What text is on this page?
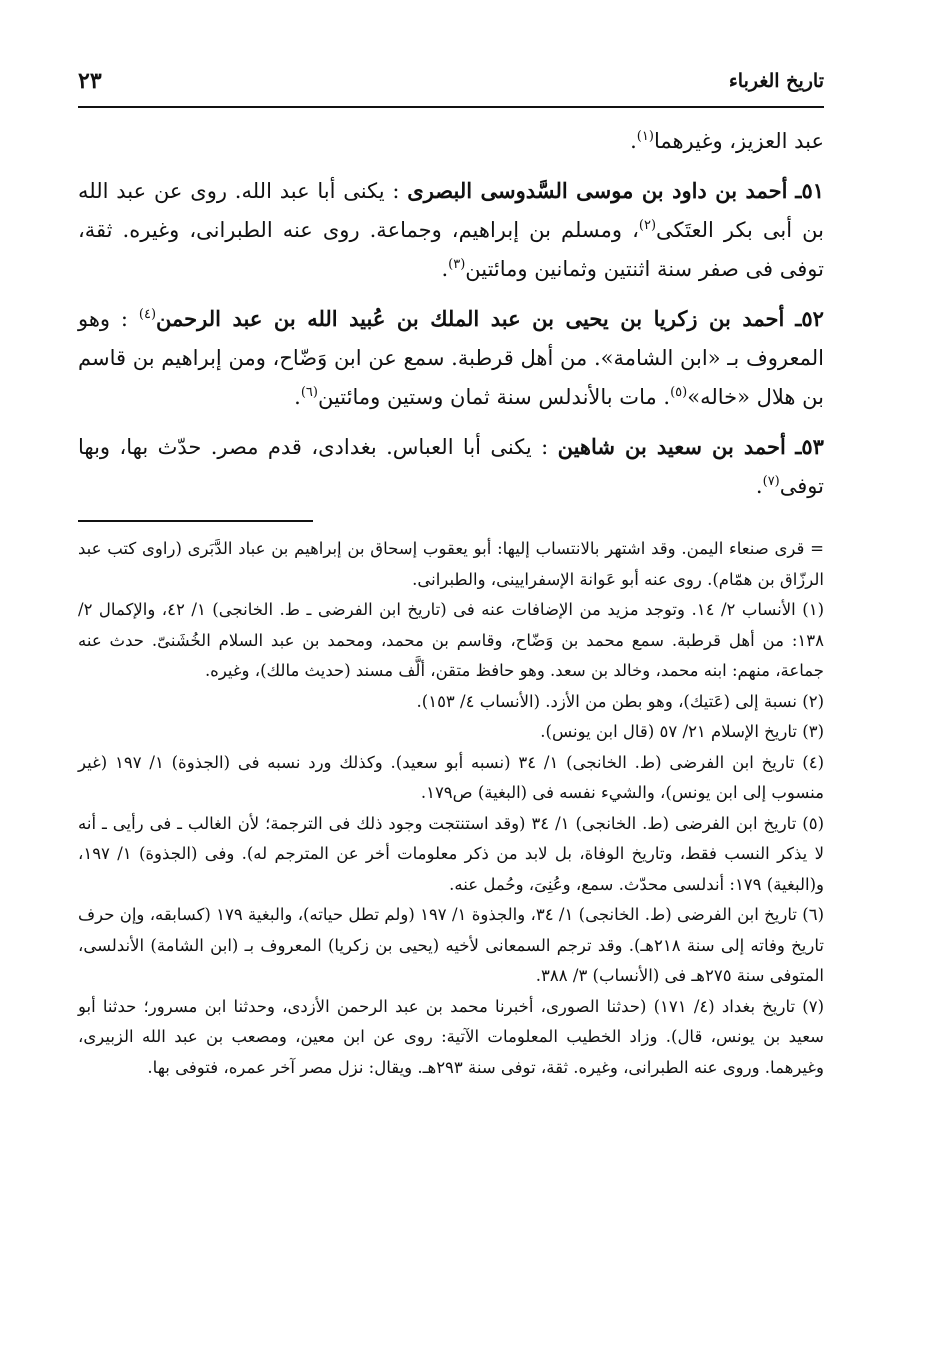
تاريخ الغرباء
٢٣

عبد العزيز، وغيرهما$^{(١)}$.

٥١ـ أحمد بن داود بن موسى السَّدوسى البصرى : يكنى أبا عبد الله. روى عن عبد الله بن أبى بكر العتَكى$^{(٢)}$، ومسلم بن إبراهيم، وجماعة. روى عنه الطبرانى، وغيره. ثقة، توفى فى صفر سنة اثنتين وثمانين ومائتين$^{(٣)}$.

٥٢ـ أحمد بن زكريا بن يحيى بن عبد الملك بن عُبيد الله بن عبد الرحمن$^{(٤)}$ : وهو المعروف بـ «ابن الشامة». من أهل قرطبة. سمع عن ابن وَضّاح، ومن إبراهيم بن قاسم بن هلال «خاله»$^{(٥)}$. مات بالأندلس سنة ثمان وستين ومائتين$^{(٦)}$.

٥٣ـ أحمد بن سعيد بن شاهين : يكنى أبا العباس. بغدادى، قدم مصر. حدّث بها، وبها توفى$^{(٧)}$.

= قرى صنعاء اليمن. وقد اشتهر بالانتساب إليها: أبو يعقوب إسحاق بن إبراهيم بن عباد الدَّبَرى (راوى كتب عبد الرزّاق بن همّام). روى عنه أبو عَوانة الإسفرايينى، والطبرانى.

(١) الأنساب ٢/ ١٤. وتوجد مزيد من الإضافات عنه فى (تاريخ ابن الفرضى ـ ط. الخانجى) ١/ ٤٢، والإكمال ٢/ ١٣٨: من أهل قرطبة. سمع محمد بن وَضّاح، وقاسم بن محمد، ومحمد بن عبد السلام الخُشَنىّ. حدث عنه جماعة، منهم: ابنه محمد، وخالد بن سعد. وهو حافظ متقن، ألَّف مسند (حديث مالك)، وغيره.

(٢) نسبة إلى (عَتيك)، وهو بطن من الأزد. (الأنساب ٤/ ١٥٣).

(٣) تاريخ الإسلام ٢١/ ٥٧ (قال ابن يونس).

(٤) تاريخ ابن الفرضى (ط. الخانجى) ١/ ٣٤ (نسبه أبو سعيد). وكذلك ورد نسبه فى (الجذوة) ١/ ١٩٧ (غير منسوب إلى ابن يونس)، والشيء نفسه فى (البغية) ص١٧٩.

(٥) تاريخ ابن الفرضى (ط. الخانجى) ١/ ٣٤ (وقد استنتجت وجود ذلك فى الترجمة؛ لأن الغالب ـ فى رأيى ـ أنه لا يذكر النسب فقط، وتاريخ الوفاة، بل لابد من ذكر معلومات أخر عن المترجم له). وفى (الجذوة) ١/ ١٩٧، و(البغية) ١٧٩: أندلسى محدّث. سمع، وعُنِىَ، وحُمل عنه.

(٦) تاريخ ابن الفرضى (ط. الخانجى) ١/ ٣٤، والجذوة ١/ ١٩٧ (ولم تطل حياته)، والبغية ١٧٩ (كسابقه، وإن حرف تاريخ وفاته إلى سنة ٢١٨هـ). وقد ترجم السمعانى لأخيه (يحيى بن زكريا) المعروف بـ (ابن الشامة) الأندلسى، المتوفى سنة ٢٧٥هـ فى (الأنساب) ٣/ ٣٨٨.

(٧) تاريخ بغداد (٤/ ١٧١) (حدثنا الصورى، أخبرنا محمد بن عبد الرحمن الأزدى، وحدثنا ابن مسرور؛ حدثنا أبو سعيد بن يونس، قال). وزاد الخطيب المعلومات الآتية: روى عن ابن معين، ومصعب بن عبد الله الزبيرى، وغيرهما. وروى عنه الطبرانى، وغيره. ثقة، توفى سنة ٢٩٣هـ. ويقال: نزل مصر آخر عمره، فتوفى بها.
